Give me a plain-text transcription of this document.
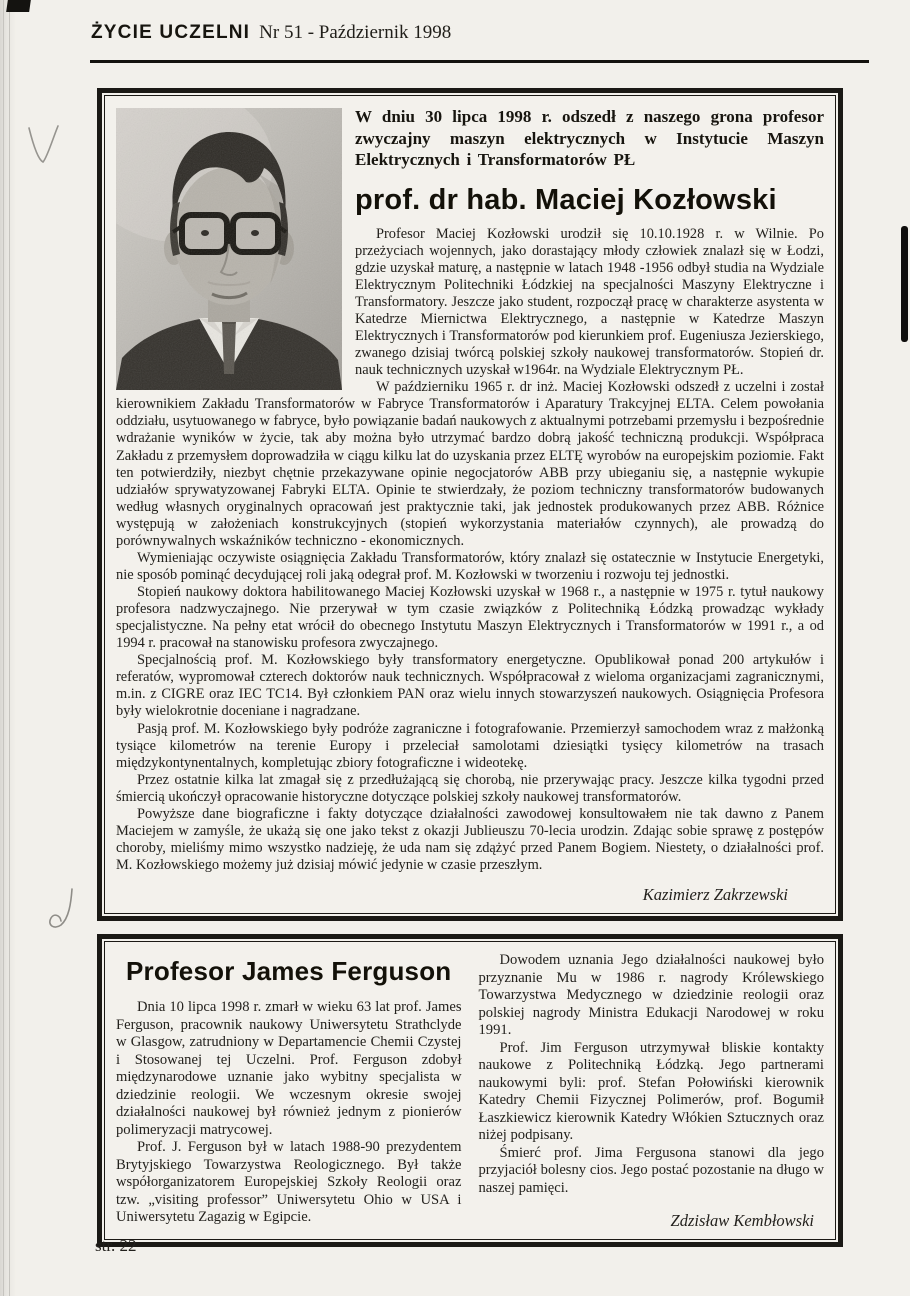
ŻYCIE UCZELNI Nr 51 - Październik 1998

W dniu 30 lipca 1998 r. odszedł z naszego grona profesor zwyczajny maszyn elektrycznych w Instytucie Maszyn Elektrycznych i Transformatorów PŁ

prof. dr hab. Maciej Kozłowski

Profesor Maciej Kozłowski urodził się 10.10.1928 r. w Wilnie. Po przeżyciach wojennych, jako dorastający młody człowiek znalazł się w Łodzi, gdzie uzyskał maturę, a następnie w latach 1948 -1956 odbył studia na Wydziale Elektrycznym Politechniki Łódzkiej na specjalności Maszyny Elektryczne i Transformatory. Jeszcze jako student, rozpoczął pracę w charakterze asystenta w Katedrze Miernictwa Elektrycznego, a następnie w Katedrze Maszyn Elektrycznych i Transformatorów pod kierunkiem prof. Eugeniusza Jezierskiego, zwanego dzisiaj twórcą polskiej szkoły naukowej transformatorów. Stopień dr. nauk technicznych uzyskał w1964r. na Wydziale Elektrycznym PŁ.

W październiku 1965 r. dr inż. Maciej Kozłowski odszedł z uczelni i został kierownikiem Zakładu Transformatorów w Fabryce Transformatorów i Aparatury Trakcyjnej ELTA. Celem powołania oddziału, usytuowanego w fabryce, było powiązanie badań naukowych z aktualnymi potrzebami przemysłu i bezpośrednie wdrażanie wyników w życie, tak aby można było utrzymać bardzo dobrą jakość techniczną produkcji. Współpraca Zakładu z przemysłem doprowadziła w ciągu kilku lat do uzyskania przez ELTĘ wyrobów na europejskim poziomie. Fakt ten potwierdziły, niezbyt chętnie przekazywane opinie negocjatorów ABB przy ubieganiu się, a następnie wykupie udziałów sprywatyzowanej Fabryki ELTA. Opinie te stwierdzały, że poziom techniczny transformatorów budowanych według własnych oryginalnych opracowań jest praktycznie taki, jak jednostek produkowanych przez ABB. Różnice występują w założeniach konstrukcyjnych (stopień wykorzystania materiałów czynnych), ale prowadzą do porównywalnych wskaźników techniczno - ekonomicznych.

Wymieniając oczywiste osiągnięcia Zakładu Transformatorów, który znalazł się ostatecznie w Instytucie Energetyki, nie sposób pominąć decydującej roli jaką odegrał prof. M. Kozłowski w tworzeniu i rozwoju tej jednostki.

Stopień naukowy doktora habilitowanego Maciej Kozłowski uzyskał w 1968 r., a następnie w 1975 r. tytuł naukowy profesora nadzwyczajnego. Nie przerywał w tym czasie związków z Politechniką Łódzką prowadząc wykłady specjalistyczne. Na pełny etat wrócił do obecnego Instytutu Maszyn Elektrycznych i Transformatorów w 1991 r., a od 1994 r. pracował na stanowisku profesora zwyczajnego.

Specjalnością prof. M. Kozłowskiego były transformatory energetyczne. Opublikował ponad 200 artykułów i referatów, wypromował czterech doktorów nauk technicznych. Współpracował z wieloma organizacjami zagranicznymi, m.in. z CIGRE oraz IEC TC14. Był członkiem PAN oraz wielu innych stowarzyszeń naukowych. Osiągnięcia Profesora były wielokrotnie doceniane i nagradzane.

Pasją prof. M. Kozłowskiego były podróże zagraniczne i fotografowanie. Przemierzył samochodem wraz z małżonką tysiące kilometrów na terenie Europy i przeleciał samolotami dziesiątki tysięcy kilometrów na trasach międzykontynentalnych, kompletując zbiory fotograficzne i wideotekę.

Przez ostatnie kilka lat zmagał się z przedłużającą się chorobą, nie przerywając pracy. Jeszcze kilka tygodni przed śmiercią ukończył opracowanie historyczne dotyczące polskiej szkoły naukowej transformatorów.

Powyższe dane biograficzne i fakty dotyczące działalności zawodowej konsultowałem nie tak dawno z Panem Maciejem w zamyśle, że ukażą się one jako tekst z okazji Jublieuszu 70-lecia urodzin. Zdając sobie sprawę z postępów choroby, mieliśmy mimo wszystko nadzieję, że uda nam się zdążyć przed Panem Bogiem. Niestety, o działalności prof. M. Kozłowskiego możemy już dzisiaj mówić jedynie w czasie przeszłym.

Kazimierz Zakrzewski
Profesor James Ferguson

Dnia 10 lipca 1998 r. zmarł w wieku 63 lat prof. James Ferguson, pracownik naukowy Uniwersytetu Strathclyde w Glasgow, zatrudniony w Departamencie Chemii Czystej i Stosowanej tej Uczelni. Prof. Ferguson zdobył międzynarodowe uznanie jako wybitny specjalista w dziedzinie reologii. We wczesnym okresie swojej działalności naukowej był również jednym z pionierów polimeryzacji matrycowej.

Prof. J. Ferguson był w latach 1988-90 prezydentem Brytyjskiego Towarzystwa Reologicznego. Był także współorganizatorem Europejskiej Szkoły Reologii oraz tzw. „visiting professor” Uniwersytetu Ohio w USA i Uniwersytetu Zagazig w Egipcie.

Dowodem uznania Jego działalności naukowej było przyznanie Mu w 1986 r. nagrody Królewskiego Towarzystwa Medycznego w dziedzinie reologii oraz polskiej nagrody Ministra Edukacji Narodowej w roku 1991.

Prof. Jim Ferguson utrzymywał bliskie kontakty naukowe z Politechniką Łódzką. Jego partnerami naukowymi byli: prof. Stefan Połowiński kierownik Katedry Chemii Fizycznej Polimerów, prof. Bogumił Łaszkiewicz kierownik Katedry Włókien Sztucznych oraz niżej podpisany.

Śmierć prof. Jima Fergusona stanowi dla jego przyjaciół bolesny cios. Jego postać pozostanie na długo w naszej pamięci.

Zdzisław Kembłowski
str. 22
